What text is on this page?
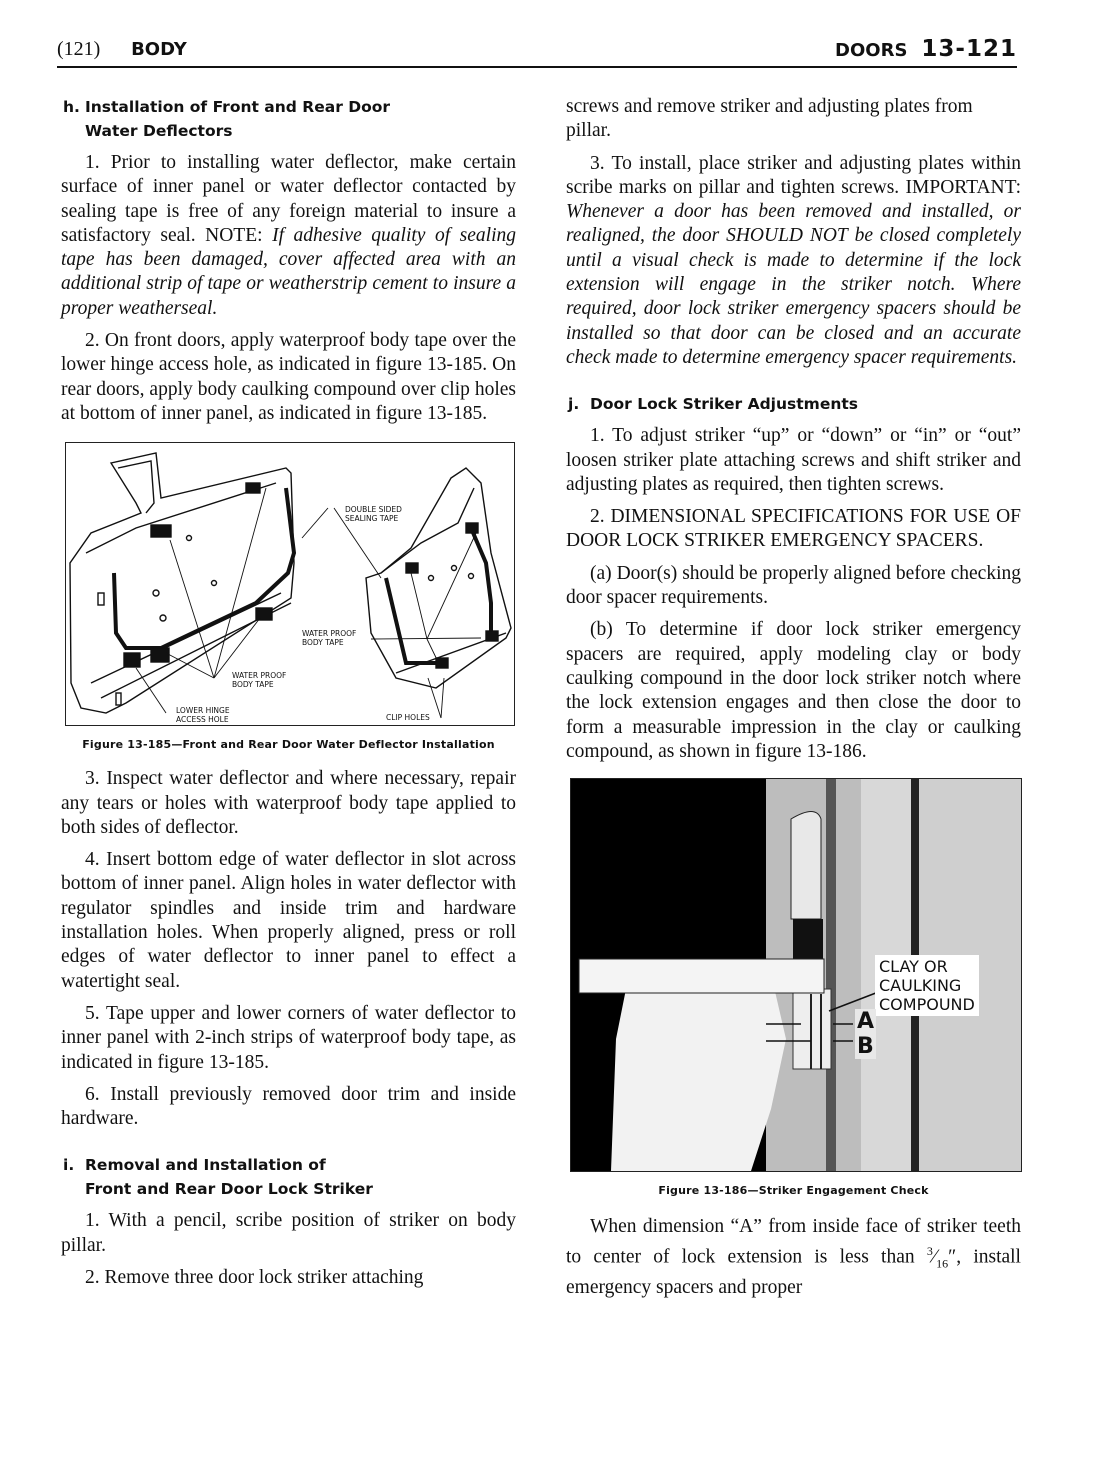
(121) BODY	DOORS 13-121
h. Installation of Front and Rear Door
Water Deflectors

1. Prior to installing water deflector, make certain surface of inner panel or water deflector contacted by sealing tape is free of any foreign material to insure a satisfactory seal. NOTE: If adhesive quality of sealing tape has been damaged, cover affected area with an additional strip of tape or weatherstrip cement to insure a proper weatherseal.

2. On front doors, apply waterproof body tape over the lower hinge access hole, as indicated in figure 13-185. On rear doors, apply body caulking compound over clip holes at bottom of inner panel, as indicated in figure 13-185.

DOUBLE SIDED
SEALING TAPE
WATER PROOF
BODY TAPE
WATER PROOF
BODY TAPE
LOWER HINGE
ACCESS HOLE	CLIP HOLES
Figure 13-185—Front and Rear Door Water Deflector Installation

3. Inspect water deflector and where necessary, repair any tears or holes with waterproof body tape applied to both sides of deflector.

4. Insert bottom edge of water deflector in slot across bottom of inner panel. Align holes in water deflector with regulator spindles and inside trim and hardware installation holes. When properly aligned, press or roll edges of water deflector to inner panel to effect a watertight seal.

5. Tape upper and lower corners of water deflector to inner panel with 2-inch strips of waterproof body tape, as indicated in figure 13-185.

6. Install previously removed door trim and inside hardware.

i. Removal and Installation of
Front and Rear Door Lock Striker

1. With a pencil, scribe position of striker on body pillar.

2. Remove three door lock striker attaching

screws and remove striker and adjusting plates from pillar.

3. To install, place striker and adjusting plates within scribe marks on pillar and tighten screws. IMPORTANT: Whenever a door has been removed and installed, or realigned, the door SHOULD NOT be closed completely until a visual check is made to determine if the lock extension will engage in the striker notch. Where required, door lock striker emergency spacers should be installed so that door can be closed and an accurate check made to determine emergency spacer requirements.

j. Door Lock Striker Adjustments

1. To adjust striker “up” or “down” or “in” or “out” loosen striker plate attaching screws and shift striker and adjusting plates as required, then tighten screws.

2. DIMENSIONAL SPECIFICATIONS FOR USE OF DOOR LOCK STRIKER EMERGENCY SPACERS.

(a) Door(s) should be properly aligned before checking door spacer requirements.

(b) To determine if door lock striker emergency spacers are required, apply modeling clay or body caulking compound in the door lock striker notch where the lock extension engages and then close the door to form a measurable impression in the clay or caulking compound, as shown in figure 13-186.

CLAY OR
CAULKING
COMPOUND
A
B
Figure 13-186—Striker Engagement Check

When dimension “A” from inside face of striker teeth to center of lock extension is less than $^3⁄_{16}''$, install emergency spacers and proper
